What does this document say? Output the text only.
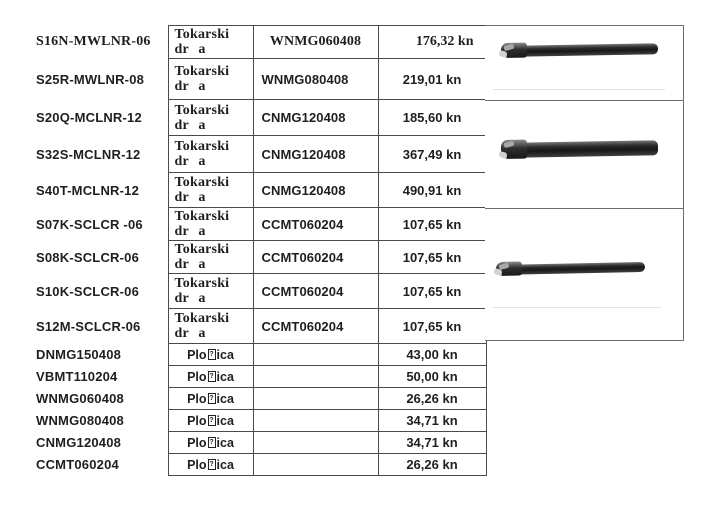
S16N-MWLNR-06	Tokarski
dr a	WNMG060408	176,32 kn
S25R-MWLNR-08	Tokarski
dr a	WNMG080408	219,01 kn
S20Q-MCLNR-12	Tokarski
dr a	CNMG120408	185,60 kn
S32S-MCLNR-12	Tokarski
dr a	CNMG120408	367,49 kn
S40T-MCLNR-12	Tokarski
dr a	CNMG120408	490,91 kn
S07K-SCLCR -06	Tokarski
dr a	CCMT060204	107,65 kn
S08K-SCLCR-06	Tokarski
dr a	CCMT060204	107,65 kn
S10K-SCLCR-06	Tokarski
dr a	CCMT060204	107,65 kn
S12M-SCLCR-06	Tokarski
dr a	CCMT060204	107,65 kn
DNMG150408	Plo ? ica		43,00 kn
VBMT110204	Plo ? ica		50,00 kn
WNMG060408	Plo ? ica		26,26 kn
WNMG080408	Plo ? ica		34,71 kn
CNMG120408	Plo ? ica		34,71 kn
CCMT060204	Plo ? ica		26,26 kn
